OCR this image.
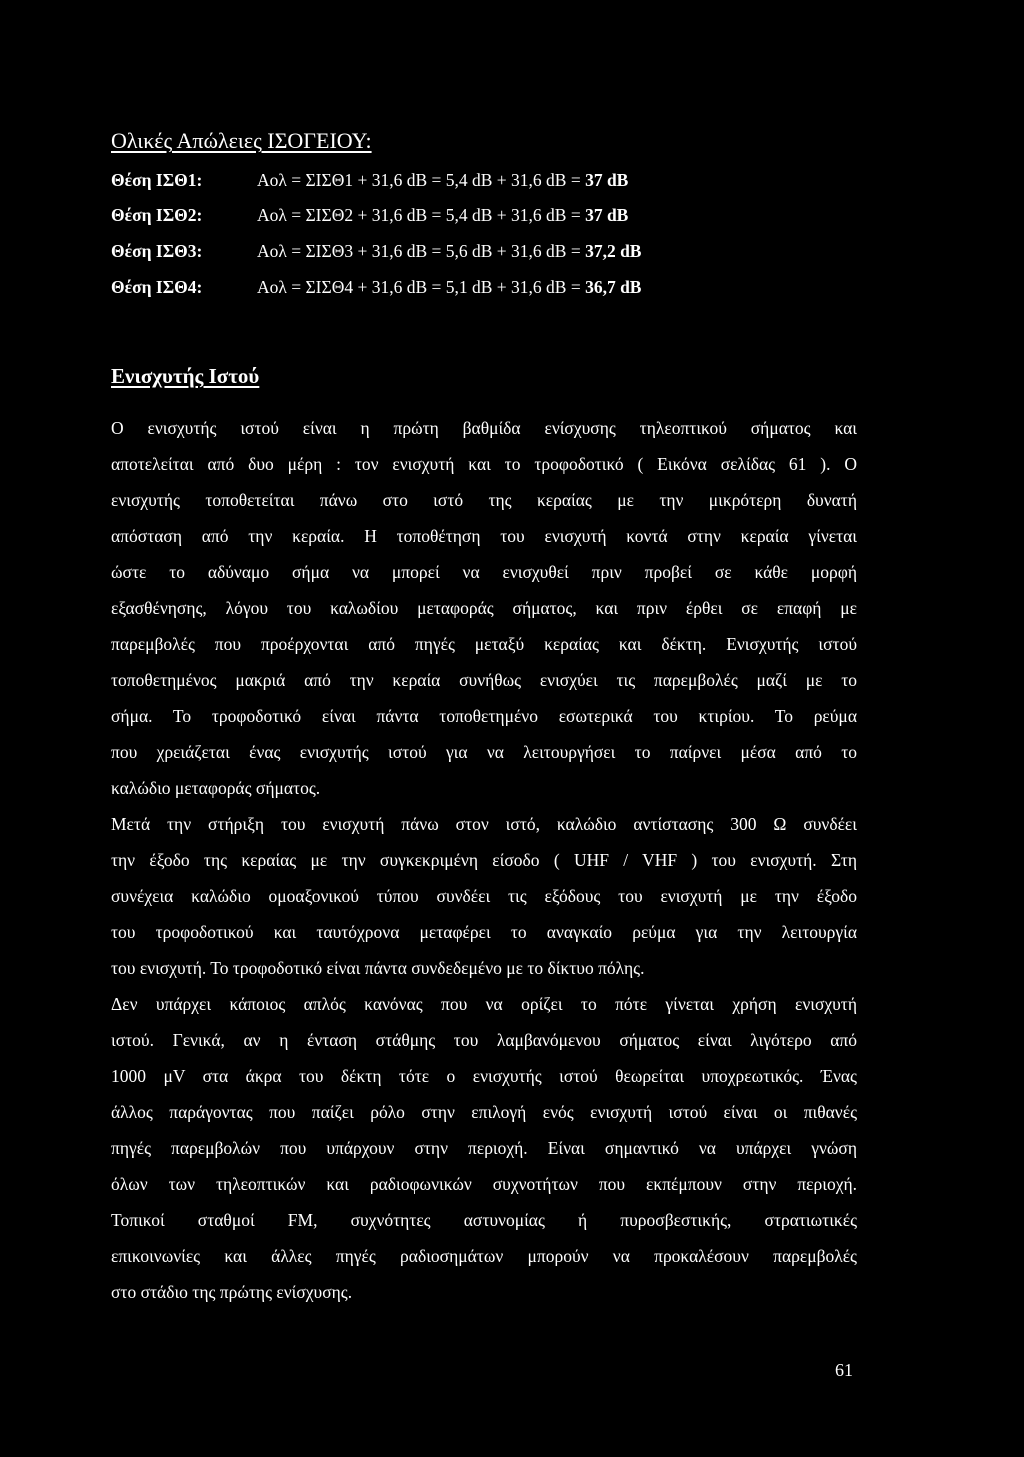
Ολικές Απώλειες ΙΣΟΓΕΙΟΥ:
Θέση ΙΣΘ1:	Αολ = ΣΙΣΘ1 + 31,6 dB = 5,4 dB + 31,6 dB = 37 dB
Θέση ΙΣΘ2:	Αολ = ΣΙΣΘ2 + 31,6 dB = 5,4 dB + 31,6 dB = 37 dB
Θέση ΙΣΘ3:	Αολ = ΣΙΣΘ3 + 31,6 dB = 5,6 dB + 31,6 dB = 37,2 dB
Θέση ΙΣΘ4:	Αολ = ΣΙΣΘ4 + 31,6 dB = 5,1 dB + 31,6 dB = 36,7 dB
Ενισχυτής Ιστού
Ο ενισχυτής ιστού είναι η πρώτη βαθμίδα ενίσχυσης τηλεοπτικού σήματος και
αποτελείται από δυο μέρη : τον ενισχυτή και το τροφοδοτικό ( Εικόνα σελίδας 61 ). Ο
ενισχυτής τοποθετείται πάνω στο ιστό της κεραίας με την μικρότερη δυνατή
απόσταση από την κεραία. Η τοποθέτηση του ενισχυτή κοντά στην κεραία γίνεται
ώστε το αδύναμο σήμα να μπορεί να ενισχυθεί πριν προβεί σε κάθε μορφή
εξασθένησης, λόγου του καλωδίου μεταφοράς σήματος, και πριν έρθει σε επαφή με
παρεμβολές που προέρχονται από πηγές μεταξύ κεραίας και δέκτη. Ενισχυτής ιστού
τοποθετημένος μακριά από την κεραία συνήθως ενισχύει τις παρεμβολές μαζί με το
σήμα. Το τροφοδοτικό είναι πάντα τοποθετημένο εσωτερικά του κτιρίου. Το ρεύμα
που χρειάζεται ένας ενισχυτής ιστού για να λειτουργήσει το παίρνει μέσα από το
καλώδιο μεταφοράς σήματος.
Μετά την στήριξη του ενισχυτή πάνω στον ιστό, καλώδιο αντίστασης 300 Ω συνδέει
την έξοδο της κεραίας με την συγκεκριμένη είσοδο ( UHF / VHF ) του ενισχυτή. Στη
συνέχεια καλώδιο ομοαξονικού τύπου συνδέει τις εξόδους του ενισχυτή με την έξοδο
του τροφοδοτικού και ταυτόχρονα μεταφέρει το αναγκαίο ρεύμα για την λειτουργία
του ενισχυτή. Το τροφοδοτικό είναι πάντα συνδεδεμένο με το δίκτυο πόλης.
Δεν υπάρχει κάποιος απλός κανόνας που να ορίζει το πότε γίνεται χρήση ενισχυτή
ιστού. Γενικά, αν η ένταση στάθμης του λαμβανόμενου σήματος είναι λιγότερο από
1000 μV στα άκρα του δέκτη τότε ο ενισχυτής ιστού θεωρείται υποχρεωτικός. Ένας
άλλος παράγοντας που παίζει ρόλο στην επιλογή ενός ενισχυτή ιστού είναι οι πιθανές
πηγές παρεμβολών που υπάρχουν στην περιοχή. Είναι σημαντικό να υπάρχει γνώση
όλων των τηλεοπτικών και ραδιοφωνικών συχνοτήτων που εκπέμπουν στην περιοχή.
Τοπικοί σταθμοί FM, συχνότητες αστυνομίας ή πυροσβεστικής, στρατιωτικές
επικοινωνίες και άλλες πηγές ραδιοσημάτων μπορούν να προκαλέσουν παρεμβολές
στο στάδιο της πρώτης ενίσχυσης.
61
